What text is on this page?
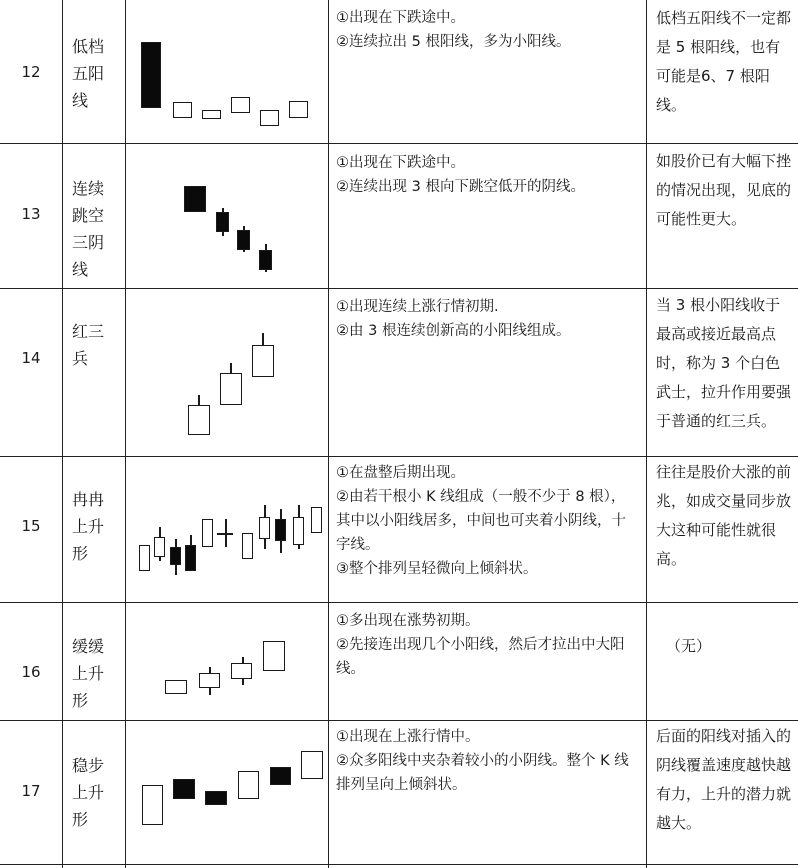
12
低档五阳线

①出现在下跌途中。

②连续拉出 5 根阳线，多为小阳线。

低档五阳线不一定都是 5 根阳线，也有可能是6、7 根阳线。
13
连续跳空三阴线

①出现在下跌途中。

②连续出现 3 根向下跳空低开的阴线。

如股价已有大幅下挫的情况出现，见底的可能性更大。
14
红三兵

①出现连续上涨行情初期.

②由 3 根连续创新高的小阳线组成。

当 3 根小阳线收于最高或接近最高点时，称为 3 个白色武士，拉升作用要强于普通的红三兵。
15
冉冉上升形

①在盘整后期出现。

②由若干根小 K 线组成（一般不少于 8 根），其中以小阳线居多，中间也可夹着小阴线，十字线。

③整个排列呈轻微向上倾斜状。

往往是股价大涨的前兆，如成交量同步放大这种可能性就很高。
16
缓缓上升形

①多出现在涨势初期。

②先接连出现几个小阳线，然后才拉出中大阳线。

（无）
17
稳步上升形

①出现在上涨行情中。

②众多阳线中夹杂着较小的小阴线。整个 K 线排列呈向上倾斜状。

后面的阳线对插入的阴线覆盖速度越快越有力，上升的潜力就越大。
